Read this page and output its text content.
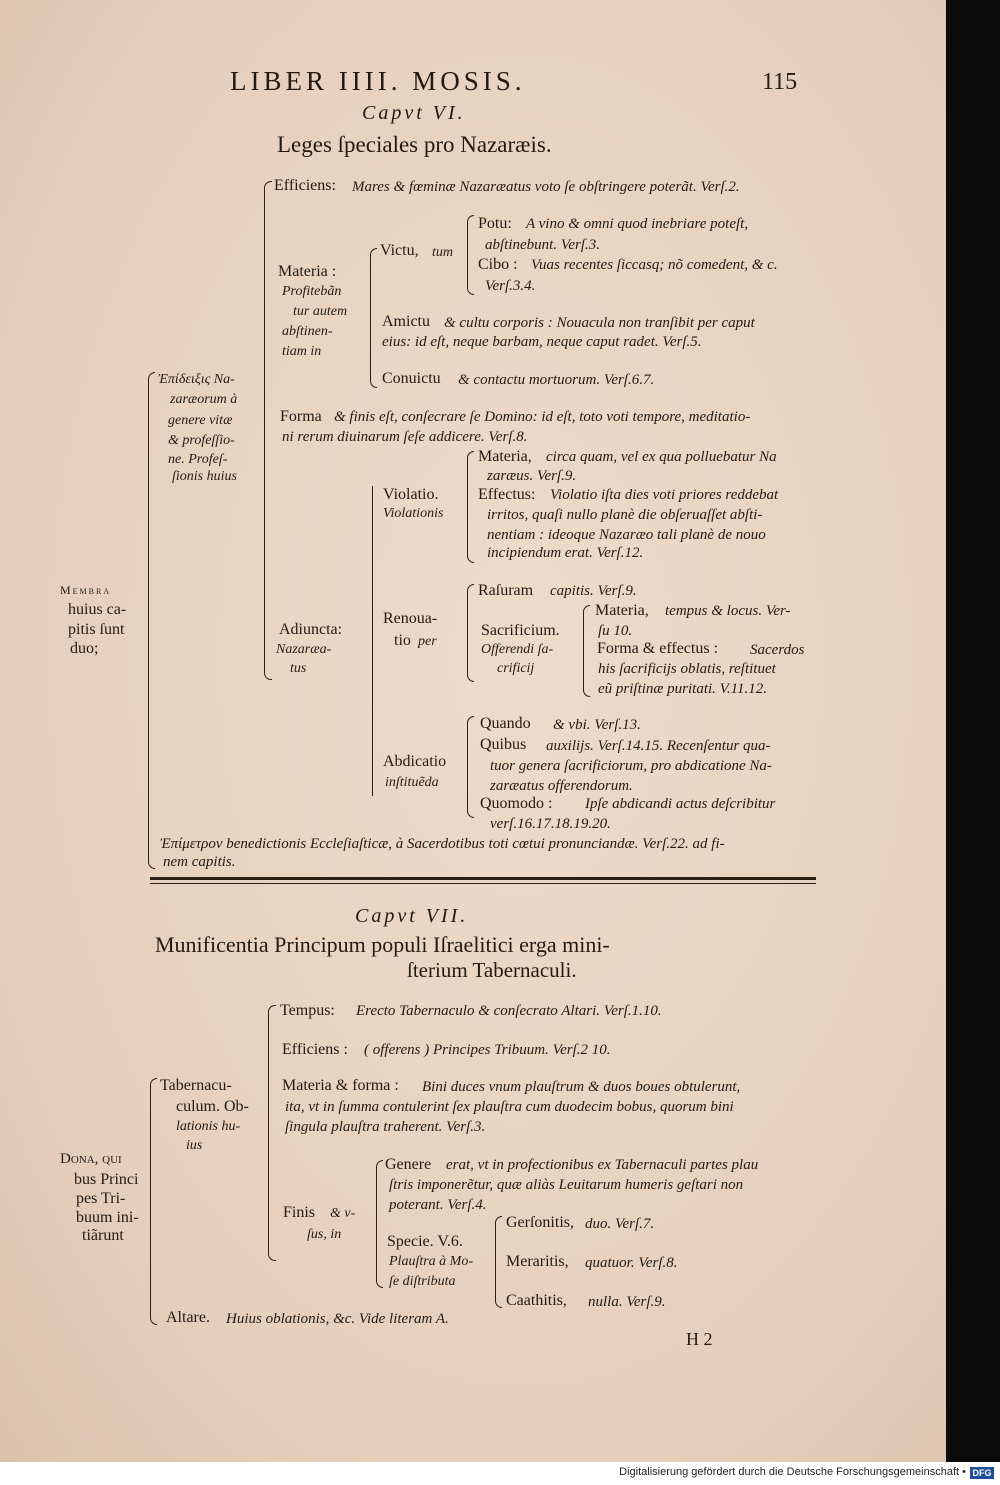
LIBER IIII. MOSIS.	115
Capvt VI.
Leges ſpeciales pro Nazaræis.
Efficiens: Mares & fœminæ Nazaræatus voto ſe obſtringere poterãt. Verſ.2.
Materia :
Profitebãn
tur autem
abſtinen-
tiam in
Victu, tum
Potu: A vino & omni quod inebriare poteſt,
abſtinebunt. Verſ.3.
Cibo : Vuas recentes ſiccasq; nõ comedent, & c.
Verſ.3.4.
Amictu & cultu corporis : Nouacula non tranſibit per caput
eius: id eſt, neque barbam, neque caput radet. Verſ.5.
Conuictu & contactu mortuorum. Verſ.6.7.
Ἐπίδειξις Na-
zaræorum à
genere vitæ
& profeſſio-
ne. Profeſ-
ſionis huius
Forma & finis eſt, conſecrare ſe Domino: id eſt, toto voti tempore, meditatio-
ni rerum diuinarum ſeſe addicere. Verſ.8.
Membra
huius ca-
pitis ſunt
duo;
Violatio.
Violationis
Materia, circa quam, vel ex qua polluebatur Na
zaræus. Verſ.9.
Effectus: Violatio iſta dies voti priores reddebat
irritos, quaſi nullo planè die obſeruaſſet abſti-
nentiam : ideoque Nazaræo tali planè de nouo
incipiendum erat. Verſ.12.
Adiuncta:
Nazaræa-
tus
Renoua-
tio per
Raſuram capitis. Verſ.9.
Sacrificium.
Offerendi ſa-
crificij
Materia, tempus & locus. Ver-
ſu 10.
Forma & effectus : Sacerdos
his ſacrificijs oblatis, reſtituet
eũ priſtinæ puritati. V.11.12.
Abdicatio
inſtituẽda
Quando & vbi. Verſ.13.
Quibus auxilijs. Verſ.14.15. Recenſentur qua-
tuor genera ſacrificiorum, pro abdicatione Na-
zaræatus offerendorum.
Quomodo : Ipſe abdicandi actus deſcribitur
verſ.16.17.18.19.20.
Ἐπίμετρον benedictionis Eccleſiaſticæ, à Sacerdotibus toti cœtui pronunciandæ. Verſ.22. ad fi-
nem capitis.
Capvt VII.
Munificentia Principum populi Iſraelitici erga mini-
ſterium Tabernaculi.
Dona, qui
bus Princi
pes Tri-
buum ini-
tiãrunt
Tabernacu-
culum. Ob-
lationis hu-
ius
Tempus: Erecto Tabernaculo & conſecrato Altari. Verſ.1.10.
Efficiens : ( offerens ) Principes Tribuum. Verſ.2 10.
Materia & forma : Bini duces vnum plauſtrum & duos boues obtulerunt,
ita, vt in ſumma contulerint ſex plauſtra cum duodecim bobus, quorum bini
ſingula plauſtra traherent. Verſ.3.
Finis & v-
ſus, in
Genere erat, vt in profectionibus ex Tabernaculi partes plau
ſtris imponerẽtur, quæ aliàs Leuitarum humeris geſtari non
poterant. Verſ.4.
Specie. V.6.
Plauſtra à Mo-
ſe diſtributa
Gerſonitis, duo. Verſ.7.
Meraritis, quatuor. Verſ.8.
Caathitis, nulla. Verſ.9.
Altare. Huius oblationis, &c. Vide literam A.
H 2
Digitalisierung gefördert durch die Deutsche Forschungsgemeinschaft • DFG
